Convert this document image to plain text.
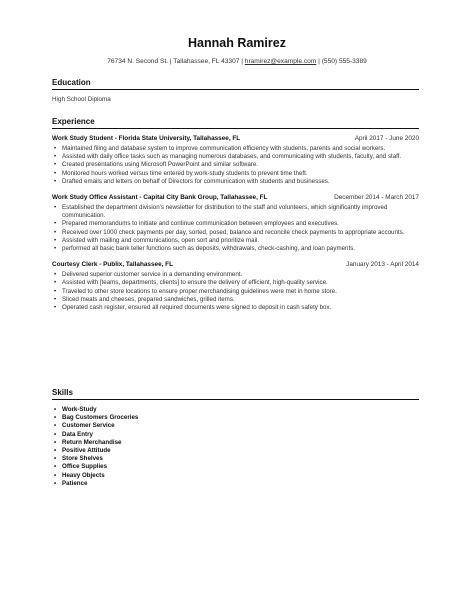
Hannah Ramirez
76734 N. Second St. | Tallahassee, FL 43307 | hramirez@example.com | (550) 555-3389
Education
High School Diploma
Experience
Work Study Student - Florida State University, Tallahassee, FL	April 2017 - June 2020
• Maintained filing and database system to improve communication efficiency with students, parents and social workers.
• Assisted with daily office tasks such as managing numerous databases, and communicating with students, faculty, and staff.
• Created presentations using Microsoft PowerPoint and similar software.
• Monitored hours worked versus time entered by work-study students to prevent time theft.
• Drafted emails and letters on behalf of Directors for communication with students and businesses.
Work Study Office Assistant - Capital City Bank Group, Tallahassee, FL	December 2014 - March 2017
• Established the department division's newsletter for distribution to the staff and volunteers, which significantly improved communication.
• Prepared memorandums to initiate and continue communication between employees and executives.
• Received over 1000 check payments per day, sorted, posed, balance and reconcile check payments to appropriate accounts.
• Assisted with mailing and communications, open sort and prioritize mail.
• performed all basic bank teller functions such as deposits, withdrawals, check-cashing, and loan payments.
Courtesy Clerk - Publix, Tallahassee, FL	January 2013 - April 2014
• Delivered superior customer service in a demanding environment.
• Assisted with [teams, departments, clients] to ensure the delivery of efficient, high-quality service.
• Traveled to other store locations to ensure proper merchandising guidelines were met in home store.
• Sliced meats and cheeses, prepared sandwiches, grilled items.
• Operated cash register, ensured all required documents were signed to deposit in cash safety box.
Skills
• Work-Study
• Bag Customers Groceries
• Customer Service
• Data Entry
• Return Merchandise
• Positive Attitude
• Store Shelves
• Office Supplies
• Heavy Objects
• Patience
